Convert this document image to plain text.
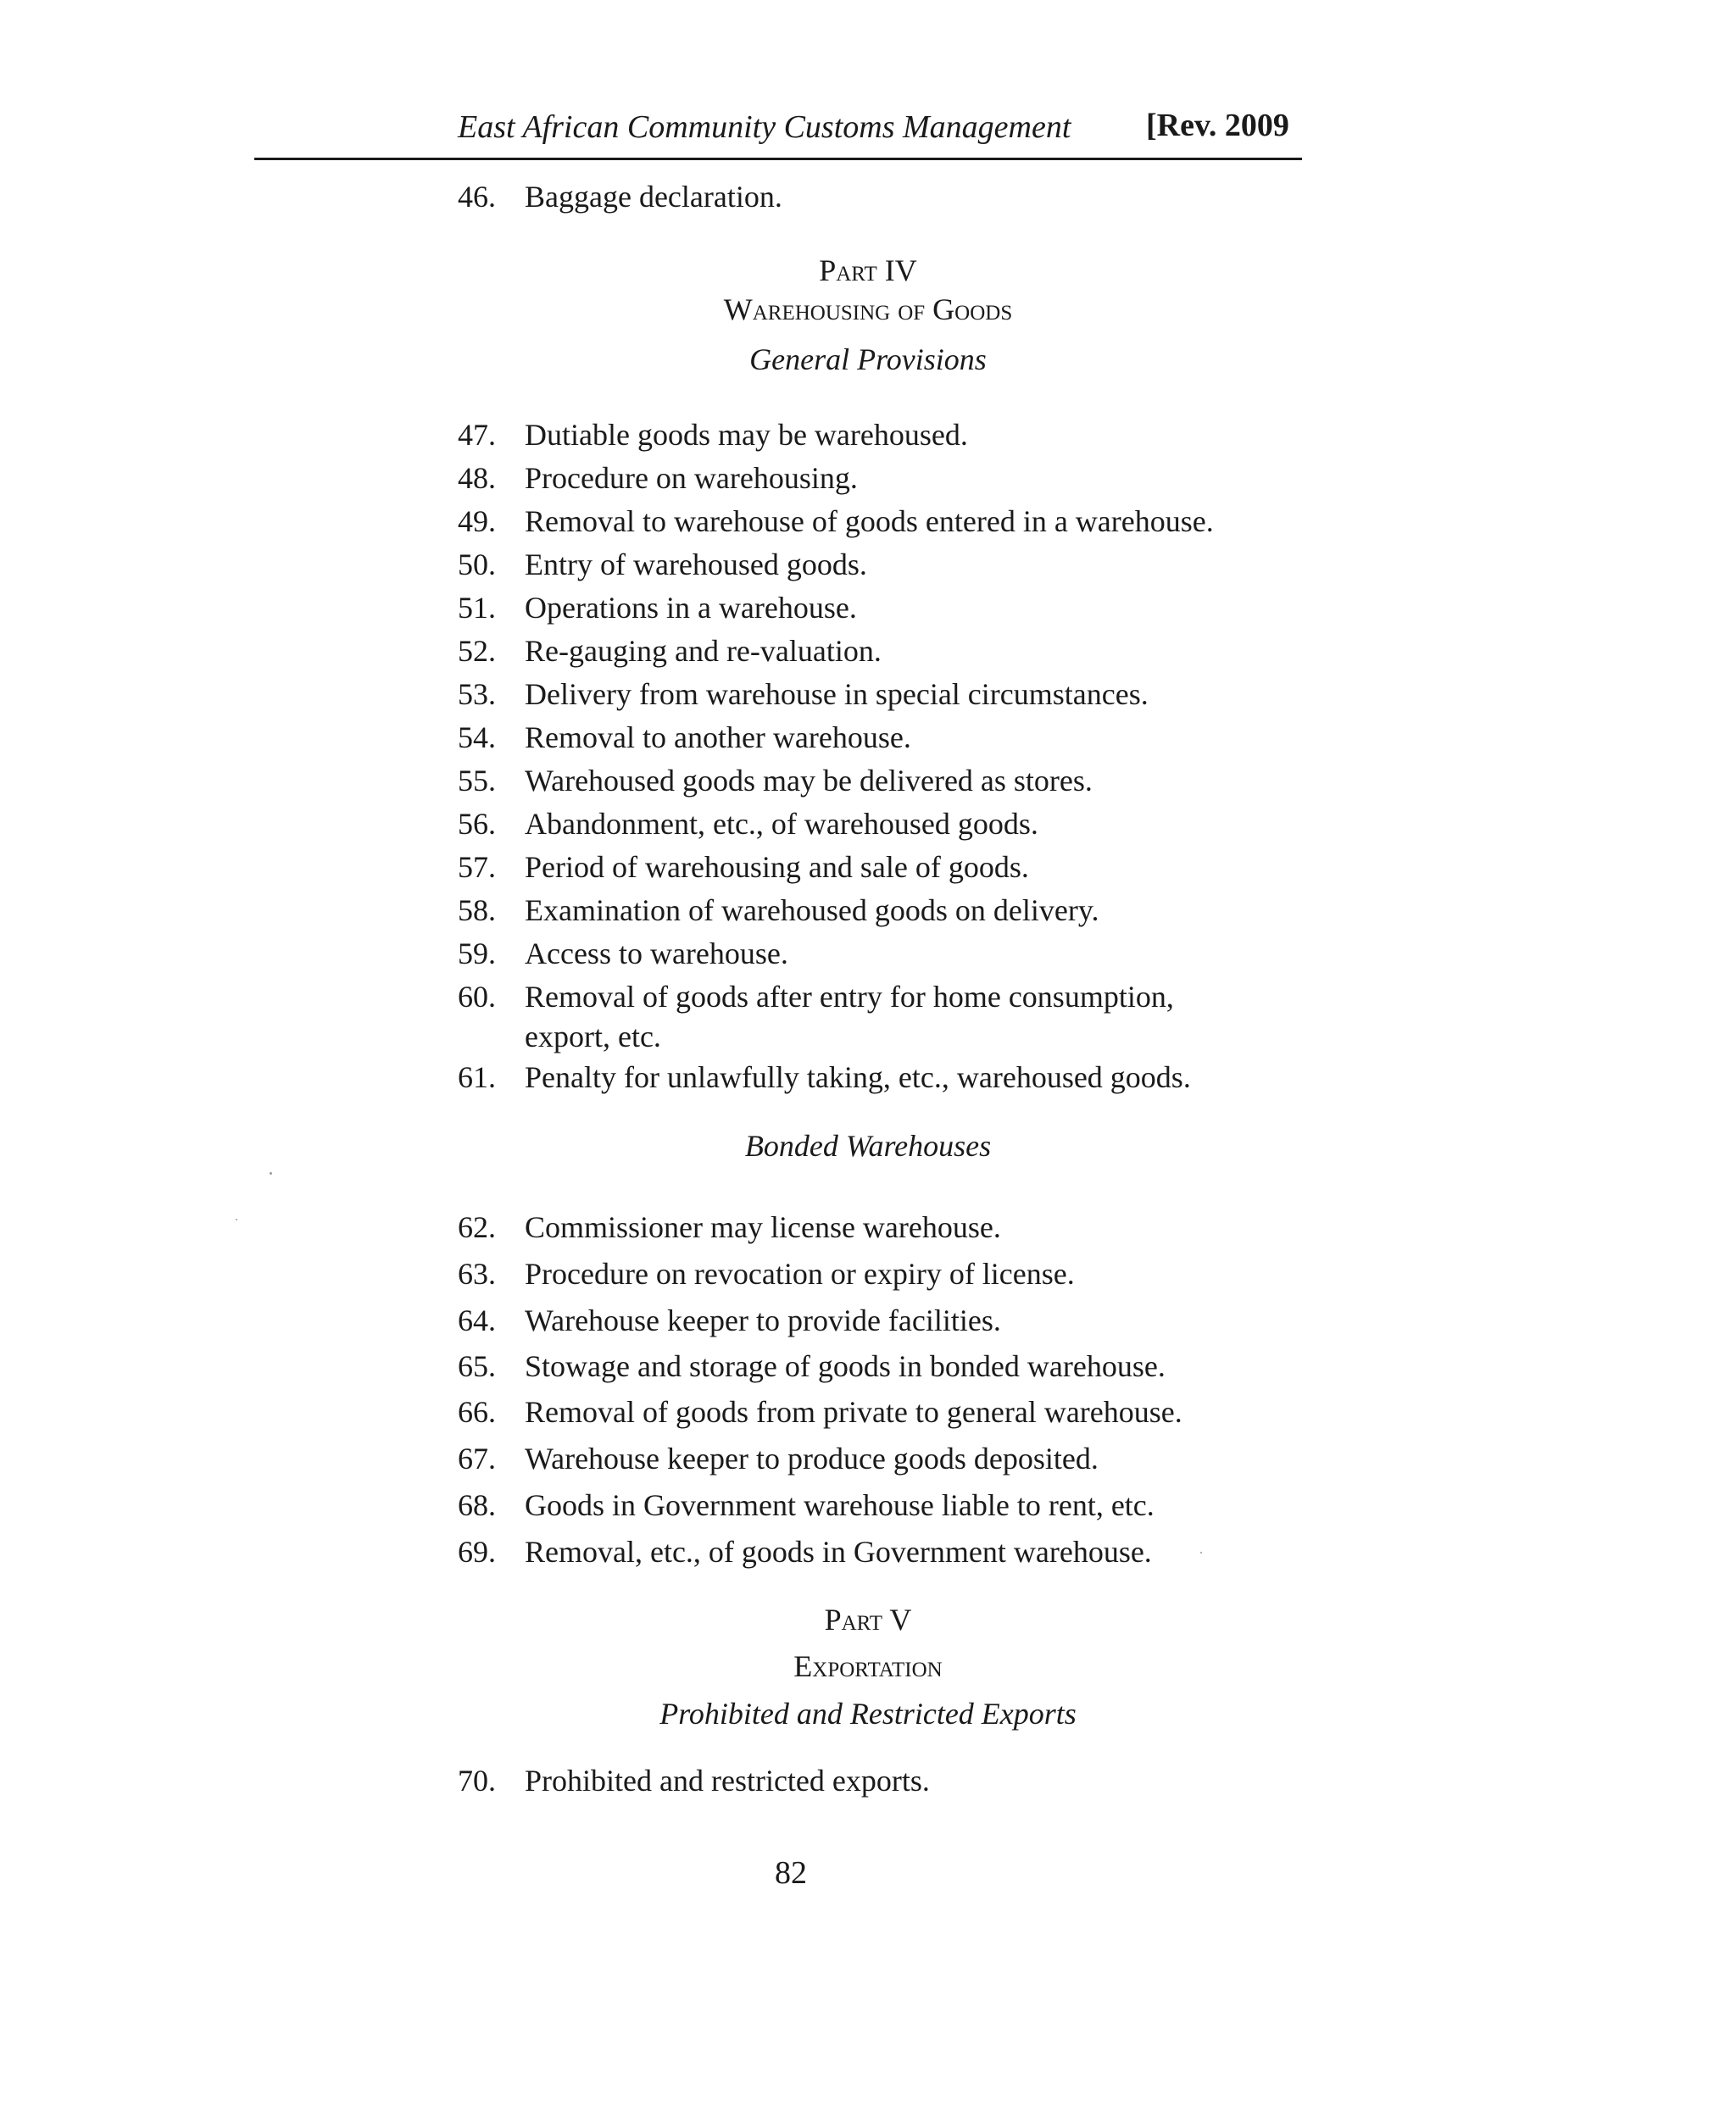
East African Community Customs Management [Rev. 2009
46. Baggage declaration.
Part IV
Warehousing of Goods
General Provisions
47. Dutiable goods may be warehoused.
48. Procedure on warehousing.
49. Removal to warehouse of goods entered in a warehouse.
50. Entry of warehoused goods.
51. Operations in a warehouse.
52. Re-gauging and re-valuation.
53. Delivery from warehouse in special circumstances.
54. Removal to another warehouse.
55. Warehoused goods may be delivered as stores.
56. Abandonment, etc., of warehoused goods.
57. Period of warehousing and sale of goods.
58. Examination of warehoused goods on delivery.
59. Access to warehouse.
60. Removal of goods after entry for home consumption,
export, etc.
61. Penalty for unlawfully taking, etc., warehoused goods.
Bonded Warehouses
62. Commissioner may license warehouse.
63. Procedure on revocation or expiry of license.
64. Warehouse keeper to provide facilities.
65. Stowage and storage of goods in bonded warehouse.
66. Removal of goods from private to general warehouse.
67. Warehouse keeper to produce goods deposited.
68. Goods in Government warehouse liable to rent, etc.
69. Removal, etc., of goods in Government warehouse.
Part V
Exportation
Prohibited and Restricted Exports
70. Prohibited and restricted exports.
82
